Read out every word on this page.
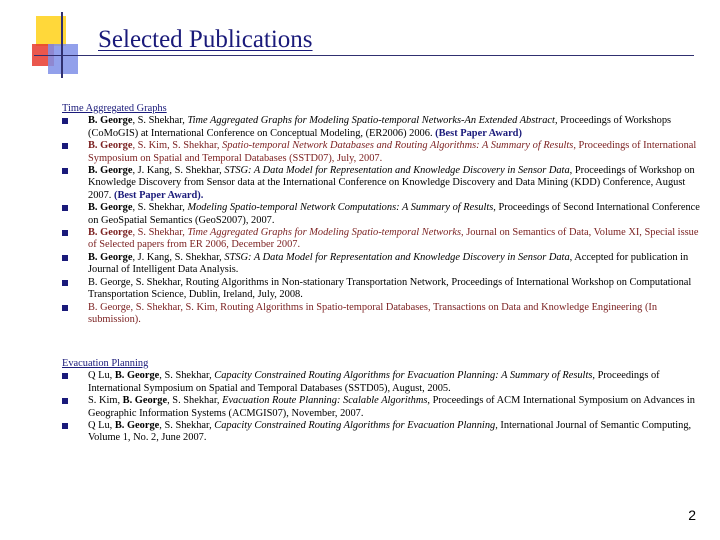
Selected Publications
Time Aggregated Graphs
B. George, S. Shekhar, Time Aggregated Graphs for Modeling Spatio-temporal Networks-An Extended Abstract, Proceedings of Workshops (CoMoGIS) at International Conference on Conceptual Modeling, (ER2006) 2006. (Best Paper Award)
B. George, S. Kim, S. Shekhar, Spatio-temporal Network Databases and Routing Algorithms: A Summary of Results, Proceedings of International Symposium on Spatial and Temporal Databases (SSTD07), July, 2007.
B. George, J. Kang, S. Shekhar, STSG: A Data Model for Representation and Knowledge Discovery in Sensor Data, Proceedings of Workshop on Knowledge Discovery from Sensor data at the International Conference on Knowledge Discovery and Data Mining (KDD) Conference, August 2007. (Best Paper Award).
B. George, S. Shekhar, Modeling Spatio-temporal Network Computations: A Summary of Results, Proceedings of Second International Conference on GeoSpatial Semantics (GeoS2007), 2007.
B. George, S. Shekhar, Time Aggregated Graphs for Modeling Spatio-temporal Networks, Journal on Semantics of Data, Volume XI, Special issue of Selected papers from ER 2006, December 2007.
B. George, J. Kang, S. Shekhar, STSG: A Data Model for Representation and Knowledge Discovery in Sensor Data, Accepted for publication in Journal of Intelligent Data Analysis.
B. George, S. Shekhar, Routing Algorithms in Non-stationary Transportation Network, Proceedings of International Workshop on Computational Transportation Science, Dublin, Ireland, July, 2008.
B. George, S. Shekhar, S. Kim, Routing Algorithms in Spatio-temporal Databases, Transactions on Data and Knowledge Engineering (In submission).
Evacuation Planning
Q Lu, B. George, S. Shekhar, Capacity Constrained Routing Algorithms for Evacuation Planning: A Summary of Results, Proceedings of International Symposium on Spatial and Temporal Databases (SSTD05), August, 2005.
S. Kim, B. George, S. Shekhar, Evacuation Route Planning: Scalable Algorithms, Proceedings of ACM International Symposium on Advances in Geographic Information Systems (ACMGIS07), November, 2007.
Q Lu, B. George, S. Shekhar, Capacity Constrained Routing Algorithms for Evacuation Planning, International Journal of Semantic Computing, Volume 1, No. 2, June 2007.
2
